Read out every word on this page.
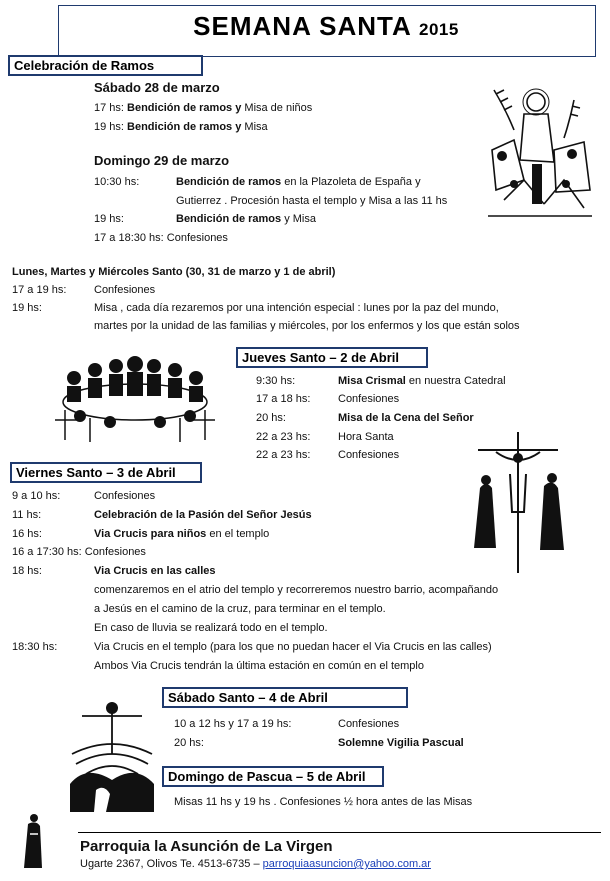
SEMANA SANTA 2015
Celebración de Ramos
Sábado 28 de marzo
17 hs: Bendición de ramos y Misa de niños
19 hs: Bendición de ramos y Misa
Domingo 29 de marzo
10:30 hs:	Bendición de ramos en la Plazoleta de España y
Gutierrez . Procesión hasta el templo y Misa a las 11 hs
19 hs:	Bendición de ramos y Misa
17 a 18:30 hs: Confesiones
Lunes, Martes y Miércoles Santo (30, 31 de marzo y 1 de abril)
17 a 19 hs:	Confesiones
19 hs:	Misa , cada día rezaremos por una intención especial : lunes por la paz del mundo,
martes por la unidad de las familias y miércoles, por los enfermos y los que están solos
Jueves Santo – 2 de Abril
9:30 hs:	Misa Crismal en nuestra Catedral
17 a 18 hs:	Confesiones
20 hs:	Misa de la Cena del Señor
22 a 23 hs:	Hora Santa
22 a 23 hs:	Confesiones
Viernes Santo – 3 de Abril
9 a 10 hs:	Confesiones
11 hs:	Celebración de la Pasión del Señor Jesús
16 hs:	Via Crucis para niños en el templo
16 a 17:30 hs: Confesiones
18 hs:	Via Crucis en las calles
comenzaremos en el atrio del templo y recorreremos nuestro barrio, acompañando
a Jesús en el camino de la cruz, para terminar en el templo.
En caso de lluvia se realizará todo en el templo.
18:30 hs:	Via Crucis en el templo (para los que no puedan hacer el Via Crucis en las calles)
Ambos Via Crucis tendrán la última estación en común en el templo
Sábado Santo – 4 de Abril
10 a 12 hs y 17 a 19 hs:	Confesiones
20 hs:	Solemne Vigilia Pascual
Domingo de Pascua – 5 de Abril
Misas 11 hs y 19 hs . Confesiones ½ hora antes de las Misas
Parroquia la Asunción de La Virgen
Ugarte 2367, Olivos Te. 4513-6735 – parroquiaasuncion@yahoo.com.ar
